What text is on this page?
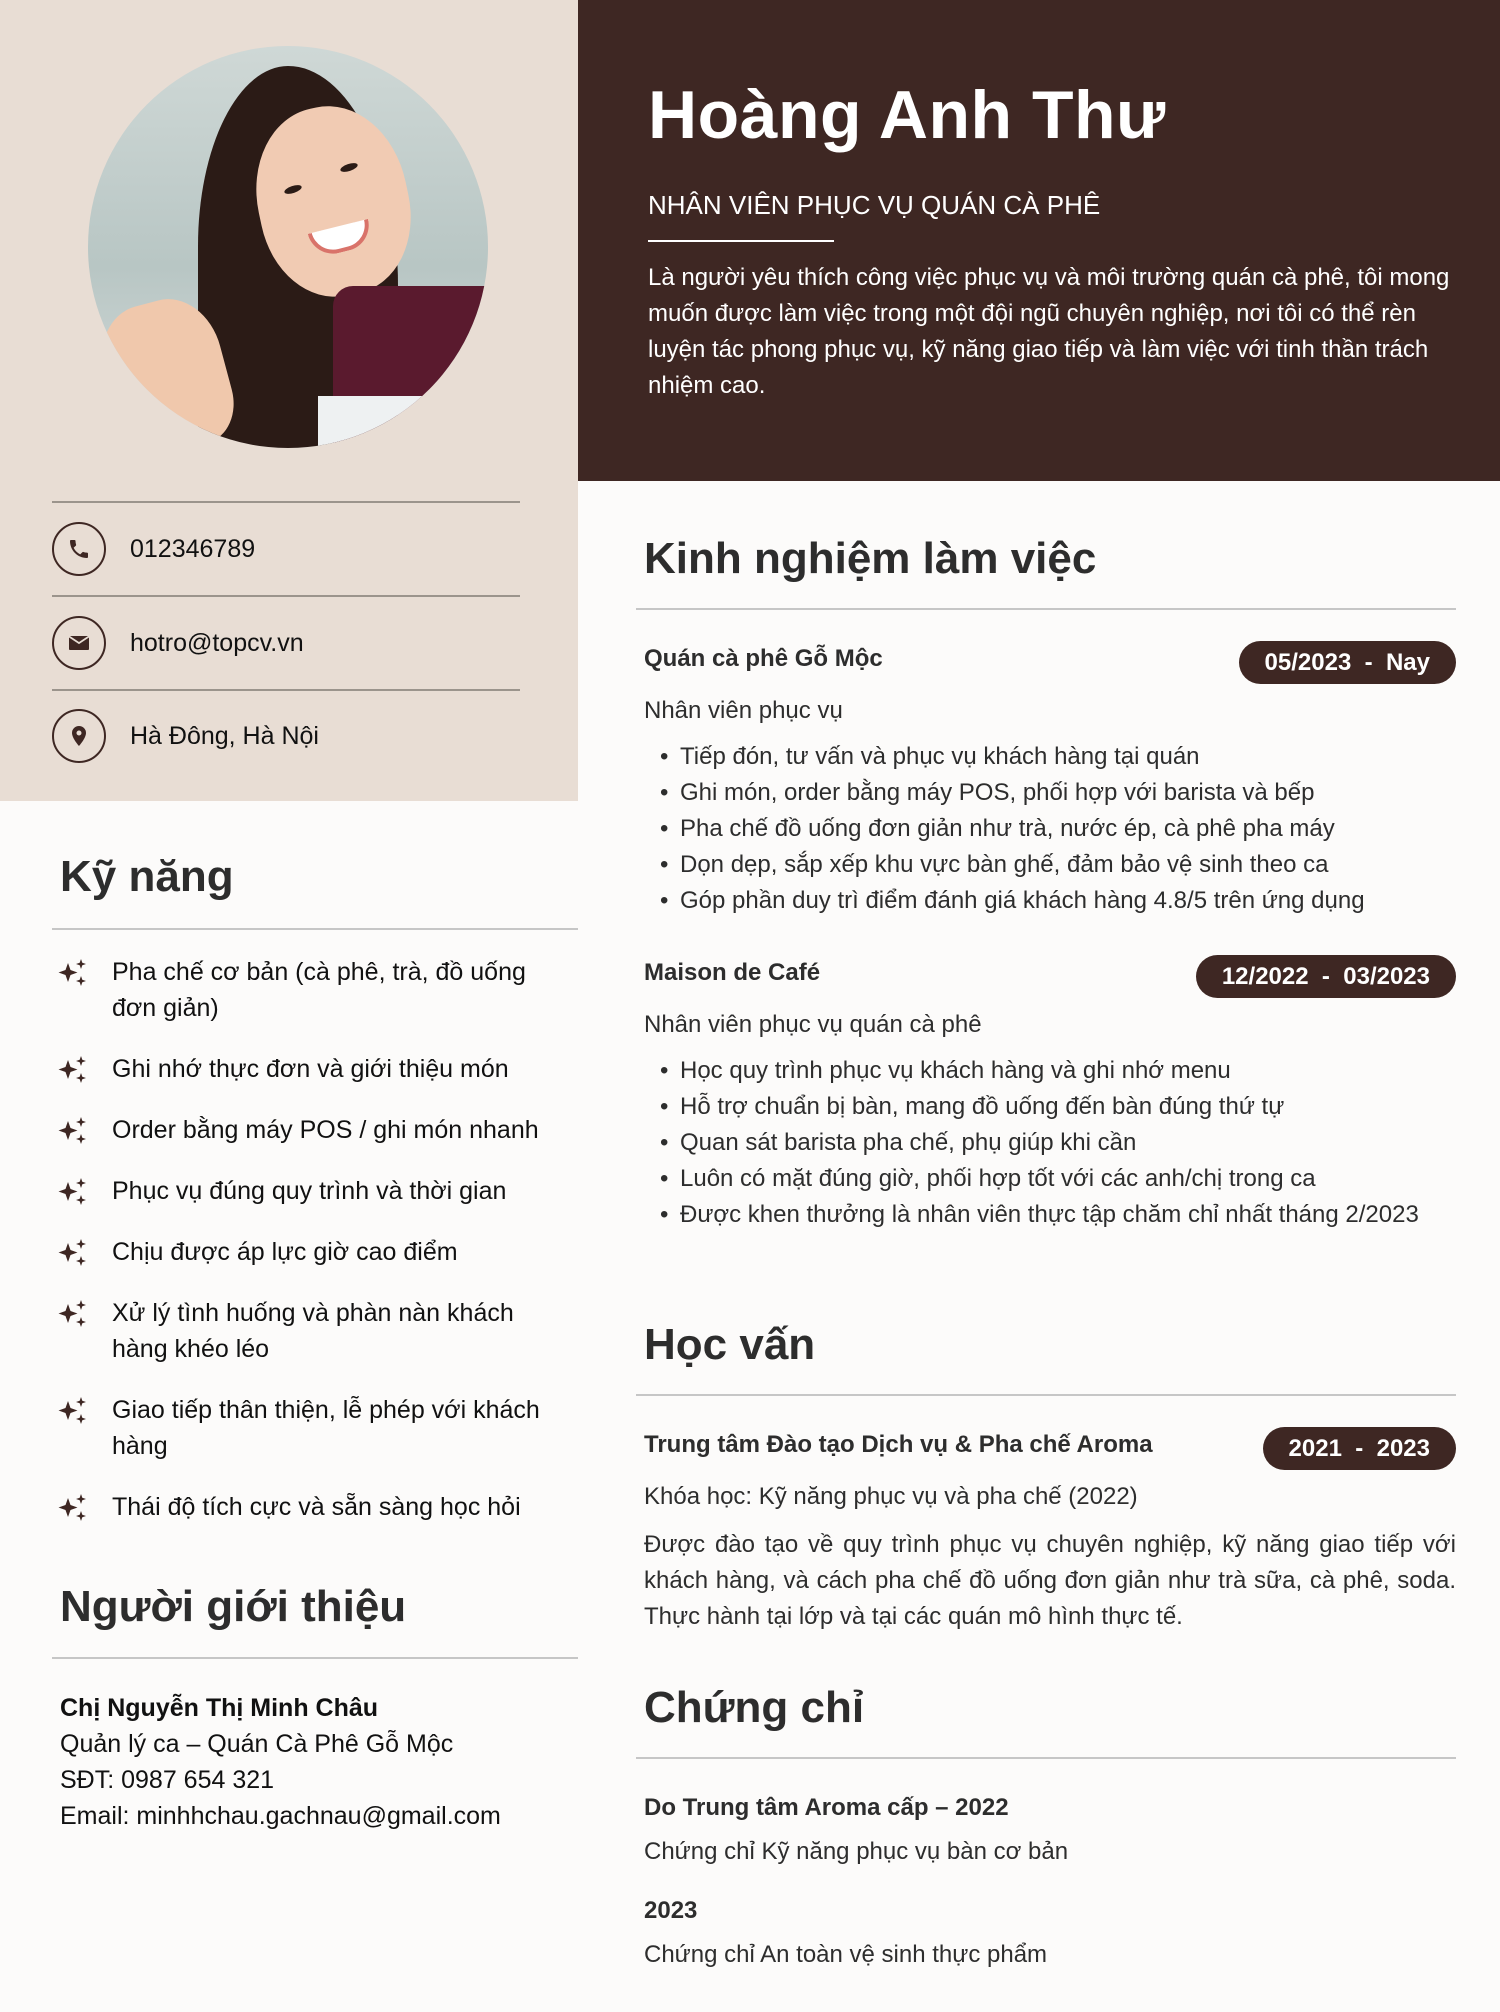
Hoàng Anh Thư
NHÂN VIÊN PHỤC VỤ QUÁN CÀ PHÊ
Là người yêu thích công việc phục vụ và môi trường quán cà phê, tôi mong muốn được làm việc trong một đội ngũ chuyên nghiệp, nơi tôi có thể rèn luyện tác phong phục vụ, kỹ năng giao tiếp và làm việc với tinh thần trách nhiệm cao.
012346789
hotro@topcv.vn
Hà Đông, Hà Nội
Kỹ năng
Pha chế cơ bản (cà phê, trà, đồ uống đơn giản)
Ghi nhớ thực đơn và giới thiệu món
Order bằng máy POS / ghi món nhanh
Phục vụ đúng quy trình và thời gian
Chịu được áp lực giờ cao điểm
Xử lý tình huống và phàn nàn khách hàng khéo léo
Giao tiếp thân thiện, lễ phép với khách hàng
Thái độ tích cực và sẵn sàng học hỏi
Người giới thiệu
Chị Nguyễn Thị Minh Châu
Quản lý ca – Quán Cà Phê Gỗ Mộc
SĐT: 0987 654 321
Email: minhhchau.gachnau@gmail.com
Kinh nghiệm làm việc
Quán cà phê Gỗ Mộc	05/2023  -  Nay
Nhân viên phục vụ
• Tiếp đón, tư vấn và phục vụ khách hàng tại quán
• Ghi món, order bằng máy POS, phối hợp với barista và bếp
• Pha chế đồ uống đơn giản như trà, nước ép, cà phê pha máy
• Dọn dẹp, sắp xếp khu vực bàn ghế, đảm bảo vệ sinh theo ca
• Góp phần duy trì điểm đánh giá khách hàng 4.8/5 trên ứng dụng
Maison de Café	12/2022  -  03/2023
Nhân viên phục vụ quán cà phê
• Học quy trình phục vụ khách hàng và ghi nhớ menu
• Hỗ trợ chuẩn bị bàn, mang đồ uống đến bàn đúng thứ tự
• Quan sát barista pha chế, phụ giúp khi cần
• Luôn có mặt đúng giờ, phối hợp tốt với các anh/chị trong ca
• Được khen thưởng là nhân viên thực tập chăm chỉ nhất tháng 2/2023
Học vấn
Trung tâm Đào tạo Dịch vụ & Pha chế Aroma	2021  -  2023
Khóa học: Kỹ năng phục vụ và pha chế (2022)
Được đào tạo về quy trình phục vụ chuyên nghiệp, kỹ năng giao tiếp với khách hàng, và cách pha chế đồ uống đơn giản như trà sữa, cà phê, soda. Thực hành tại lớp và tại các quán mô hình thực tế.
Chứng chỉ
Do Trung tâm Aroma cấp – 2022
Chứng chỉ Kỹ năng phục vụ bàn cơ bản
2023
Chứng chỉ An toàn vệ sinh thực phẩm
